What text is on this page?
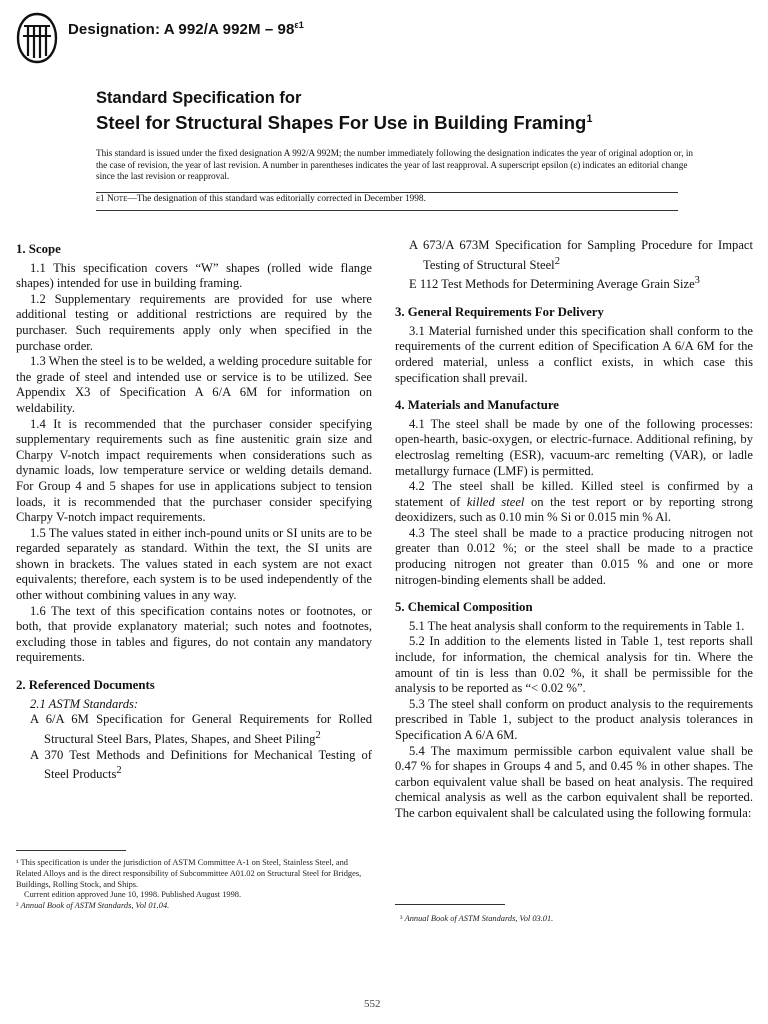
Designation: A 992/A $992M - 98^{\varepsilon 1}$
Standard Specification for
Steel for Structural Shapes For Use in Building Framing$^1$
This standard is issued under the fixed designation A 992/A 992M; the number immediately following the designation indicates the year of original adoption or, in the case of revision, the year of last revision. A number in parentheses indicates the year of last reapproval. A superscript epsilon (ε) indicates an editorial change since the last revision or reapproval.
ε1 Note—The designation of this standard was editorially corrected in December 1998.
1. Scope

1.1 This specification covers “W” shapes (rolled wide flange shapes) intended for use in building framing.

1.2 Supplementary requirements are provided for use where additional testing or additional restrictions are required by the purchaser. Such requirements apply only when specified in the purchase order.

1.3 When the steel is to be welded, a welding procedure suitable for the grade of steel and intended use or service is to be utilized. See Appendix X3 of Specification A 6/A 6M for information on weldability.

1.4 It is recommended that the purchaser consider specifying supplementary requirements such as fine austenitic grain size and Charpy V-notch impact requirements when considerations such as dynamic loads, low temperature service or welding details demand. For Group 4 and 5 shapes for use in applications subject to tension loads, it is recommended that the purchaser consider specifying Charpy V-notch impact requirements.

1.5 The values stated in either inch-pound units or SI units are to be regarded separately as standard. Within the text, the SI units are shown in brackets. The values stated in each system are not exact equivalents; therefore, each system is to be used independently of the other without combining values in any way.

1.6 The text of this specification contains notes or footnotes, or both, that provide explanatory material; such notes and footnotes, excluding those in tables and figures, do not contain any mandatory requirements.

2. Referenced Documents

2.1 ASTM Standards:

A 6/A 6M Specification for General Requirements for Rolled Structural Steel Bars, Plates, Shapes, and Sheet Piling$^2$

A 370 Test Methods and Definitions for Mechanical Testing of Steel Products$^2$

A 673/A 673M Specification for Sampling Procedure for Impact Testing of Structural Steel$^2$

E 112 Test Methods for Determining Average Grain Size$^3$

3. General Requirements For Delivery

3.1 Material furnished under this specification shall conform to the requirements of the current edition of Specification A 6/A 6M for the ordered material, unless a conflict exists, in which case this specification shall prevail.

4. Materials and Manufacture

4.1 The steel shall be made by one of the following processes: open-hearth, basic-oxygen, or electric-furnace. Additional refining, by electroslag remelting (ESR), vacuum-arc remelting (VAR), or ladle metallurgy furnace (LMF) is permitted.

4.2 The steel shall be killed. Killed steel is confirmed by a statement of killed steel on the test report or by reporting strong deoxidizers, such as 0.10 min % Si or 0.015 min % Al.

4.3 The steel shall be made to a practice producing nitrogen not greater than 0.012 %; or the steel shall be made to a practice producing nitrogen not greater than 0.015 % and one or more nitrogen-binding elements shall be added.

5. Chemical Composition

5.1 The heat analysis shall conform to the requirements in Table 1.

5.2 In addition to the elements listed in Table 1, test reports shall include, for information, the chemical analysis for tin. Where the amount of tin is less than 0.02 %, it shall be permissible for the analysis to be reported as “< 0.02 %”.

5.3 The steel shall conform on product analysis to the requirements prescribed in Table 1, subject to the product analysis tolerances in Specification A 6/A 6M.

5.4 The maximum permissible carbon equivalent value shall be 0.47 % for shapes in Groups 4 and 5, and 0.45 % in other shapes. The carbon equivalent value shall be based on heat analysis. The required chemical analysis as well as the carbon equivalent shall be reported. The carbon equivalent shall be calculated using the following formula:

¹ This specification is under the jurisdiction of ASTM Committee A-1 on Steel, Stainless Steel, and Related Alloys and is the direct responsibility of Subcommittee A01.02 on Structural Steel for Bridges, Buildings, Rolling Stock, and Ships.
Current edition approved June 10, 1998. Published August 1998.
² Annual Book of ASTM Standards, Vol 01.04.
³ Annual Book of ASTM Standards, Vol 03.01.
552
